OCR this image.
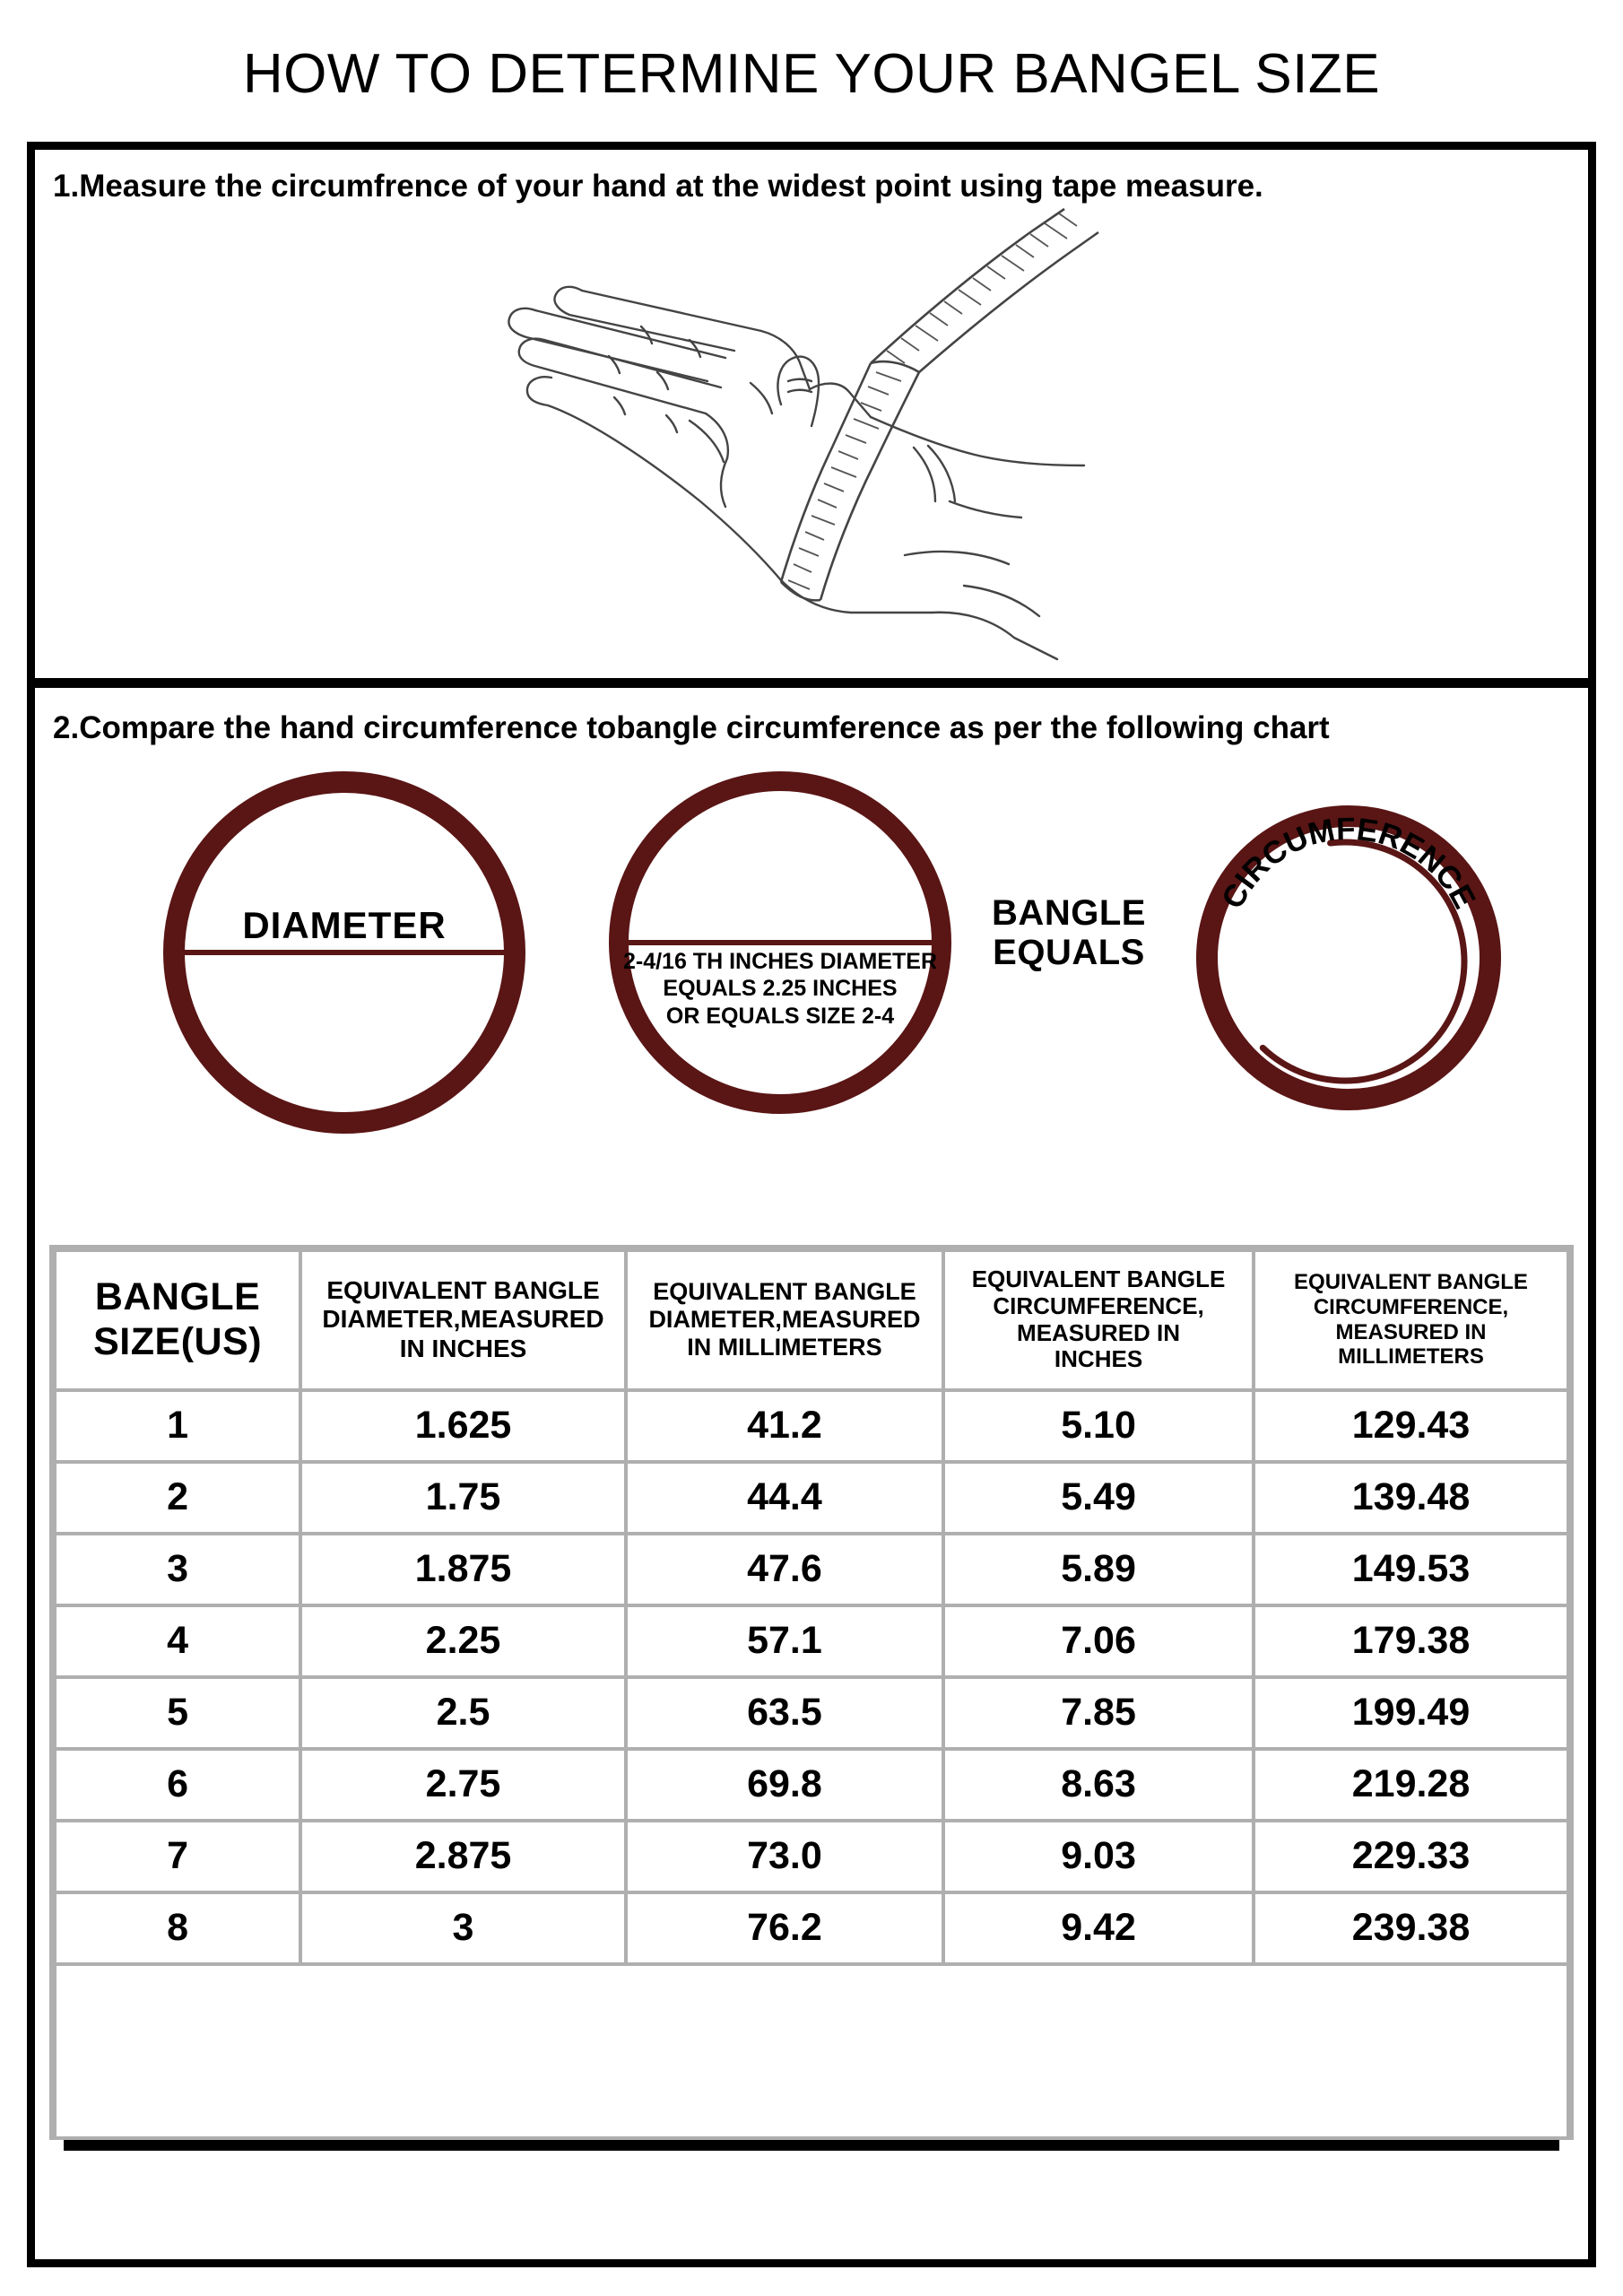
HOW TO DETERMINE YOUR BANGEL SIZE
1.Measure the circumfrence of your hand at the widest point using tape measure.
2.Compare the hand circumference tobangle circumference as per the following chart
DIAMETER
2-4/16 TH INCHES DIAMETER
EQUALS 2.25 INCHES
OR EQUALS SIZE 2-4
BANGLE
EQUALS
CIRCUMFERENCE
BANGLE
SIZE(US)

EQUIVALENT BANGLE
DIAMETER,MEASURED
IN INCHES

EQUIVALENT BANGLE
DIAMETER,MEASURED
IN MILLIMETERS

EQUIVALENT BANGLE
CIRCUMFERENCE,
MEASURED IN
INCHES

EQUIVALENT BANGLE
CIRCUMFERENCE,
MEASURED IN
MILLIMETERS

1	1.625	41.2	5.10	129.43
2	1.75	44.4	5.49	139.48
3	1.875	47.6	5.89	149.53
4	2.25	57.1	7.06	179.38
5	2.5	63.5	7.85	199.49
6	2.75	69.8	8.63	219.28
7	2.875	73.0	9.03	229.33
8	3	76.2	9.42	239.38
